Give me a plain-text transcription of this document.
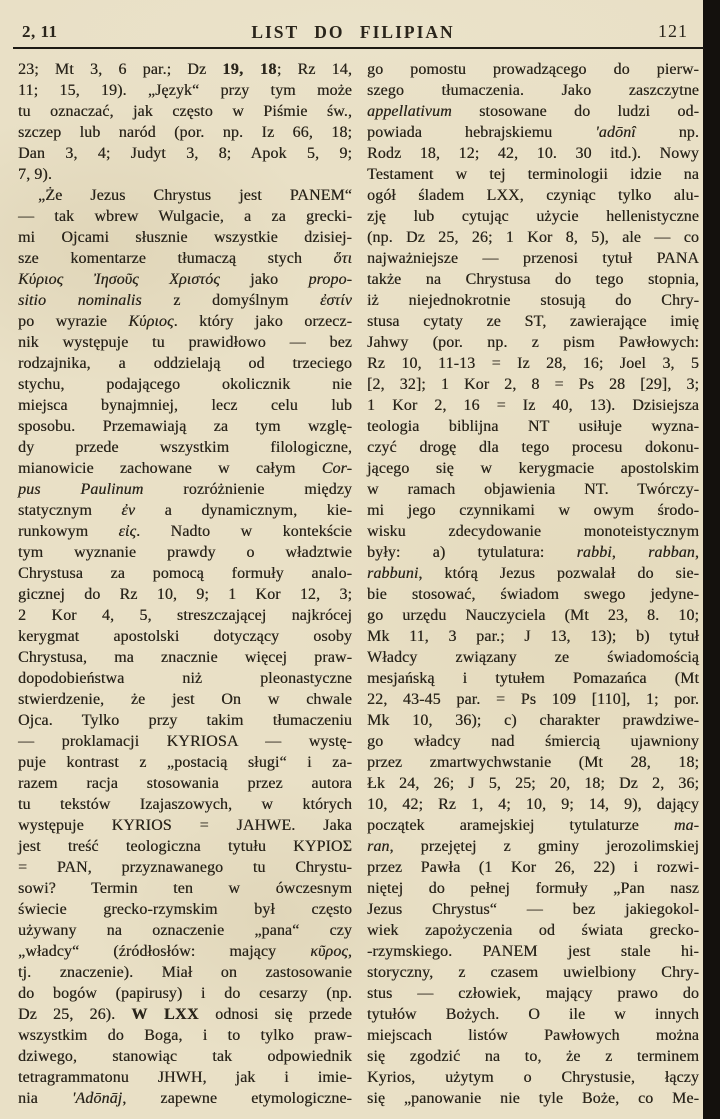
2, 11	LIST DO FILIPIAN	121
23; Mt 3, 6 par.; Dz 19, 18; Rz 14,
11; 15, 19). „Język“ przy tym może
tu oznaczać, jak często w Piśmie św.,
szczep lub naród (por. np. Iz 66, 18;
Dan 3, 4; Judyt 3, 8; Apok 5, 9;
7, 9).
„Że Jezus Chrystus jest PANEM“
— tak wbrew Wulgacie, a za grecki-
mi Ojcami słusznie wszystkie dzisiej-
sze komentarze tłumaczą stych ὅτι
Κύριος Ἰησοῦς Χριστός jako propo-
sitio nominalis z domyślnym ἐστίν
po wyrazie Κύριος. który jako orzecz-
nik występuje tu prawidłowo — bez
rodzajnika, a oddzielają od trzeciego
stychu, podającego okolicznik nie
miejsca bynajmniej, lecz celu lub
sposobu. Przemawiają za tym wzglę-
dy przede wszystkim filologiczne,
mianowicie zachowane w całym Cor-
pus Paulinum rozróżnienie między
statycznym ἐν a dynamicznym, kie-
runkowym εἰς. Nadto w kontekście
tym wyznanie prawdy o władztwie
Chrystusa za pomocą formuły analo-
gicznej do Rz 10, 9; 1 Kor 12, 3;
2 Kor 4, 5, streszczającej najkrócej
kerygmat apostolski dotyczący osoby
Chrystusa, ma znacznie więcej praw-
dopodobieństwa niż pleonastyczne
stwierdzenie, że jest On w chwale
Ojca. Tylko przy takim tłumaczeniu
— proklamacji KYRIOSA — wystę-
puje kontrast z „postacią sługi“ i za-
razem racja stosowania przez autora
tu tekstów Izajaszowych, w których
występuje KYRIOS = JAHWE. Jaka
jest treść teologiczna tytułu ΚΥΡΙΟΣ
= PAN, przyznawanego tu Chrystu-
sowi? Termin ten w ówczesnym
świecie grecko-rzymskim był często
używany na oznaczenie „pana“ czy
„władcy“ (źródłosłów: mający κῦρος,
tj. znaczenie). Miał on zastosowanie
do bogów (papirusy) i do cesarzy (np.
Dz 25, 26). W LXX odnosi się przede
wszystkim do Boga, i to tylko praw-
dziwego, stanowiąc tak odpowiednik
tetragrammatonu JHWH, jak i imie-
nia 'Adōnāj, zapewne etymologiczne-
go pomostu prowadzącego do pierw-
szego tłumaczenia. Jako zaszczytne
appellativum stosowane do ludzi od-
powiada hebrajskiemu 'adōnî np.
Rodz 18, 12; 42, 10. 30 itd.). Nowy
Testament w tej terminologii idzie na
ogół śladem LXX, czyniąc tylko alu-
zję lub cytując użycie hellenistyczne
(np. Dz 25, 26; 1 Kor 8, 5), ale — co
najważniejsze — przenosi tytuł PANA
także na Chrystusa do tego stopnia,
iż niejednokrotnie stosują do Chry-
stusa cytaty ze ST, zawierające imię
Jahwy (por. np. z pism Pawłowych:
Rz 10, 11-13 = Iz 28, 16; Joel 3, 5
[2, 32]; 1 Kor 2, 8 = Ps 28 [29], 3;
1 Kor 2, 16 = Iz 40, 13). Dzisiejsza
teologia biblijna NT usiłuje wyzna-
czyć drogę dla tego procesu dokonu-
jącego się w kerygmacie apostolskim
w ramach objawienia NT. Twórczy-
mi jego czynnikami w owym środo-
wisku zdecydowanie monoteistycznym
były: a) tytulatura: rabbi, rabban,
rabbuni, którą Jezus pozwalał do sie-
bie stosować, świadom swego jedyne-
go urzędu Nauczyciela (Mt 23, 8. 10;
Mk 11, 3 par.; J 13, 13); b) tytuł
Władcy związany ze świadomością
mesjańską i tytułem Pomazańca (Mt
22, 43-45 par. = Ps 109 [110], 1; por.
Mk 10, 36); c) charakter prawdziwe-
go władcy nad śmiercią ujawniony
przez zmartwychwstanie (Mt 28, 18;
Łk 24, 26; J 5, 25; 20, 18; Dz 2, 36;
10, 42; Rz 1, 4; 10, 9; 14, 9), dający
początek aramejskiej tytulaturze ma-
ran, przejętej z gminy jerozolimskiej
przez Pawła (1 Kor 26, 22) i rozwi-
niętej do pełnej formuły „Pan nasz
Jezus Chrystus“ — bez jakiegokol-
wiek zapożyczenia od świata grecko-
-rzymskiego. PANEM jest stale hi-
storyczny, z czasem uwielbiony Chry-
stus — człowiek, mający prawo do
tytułów Bożych. O ile w innych
miejscach listów Pawłowych można
się zgodzić na to, że z terminem
Kyrios, użytym o Chrystusie, łączy
się „panowanie nie tyle Boże, co Me-
